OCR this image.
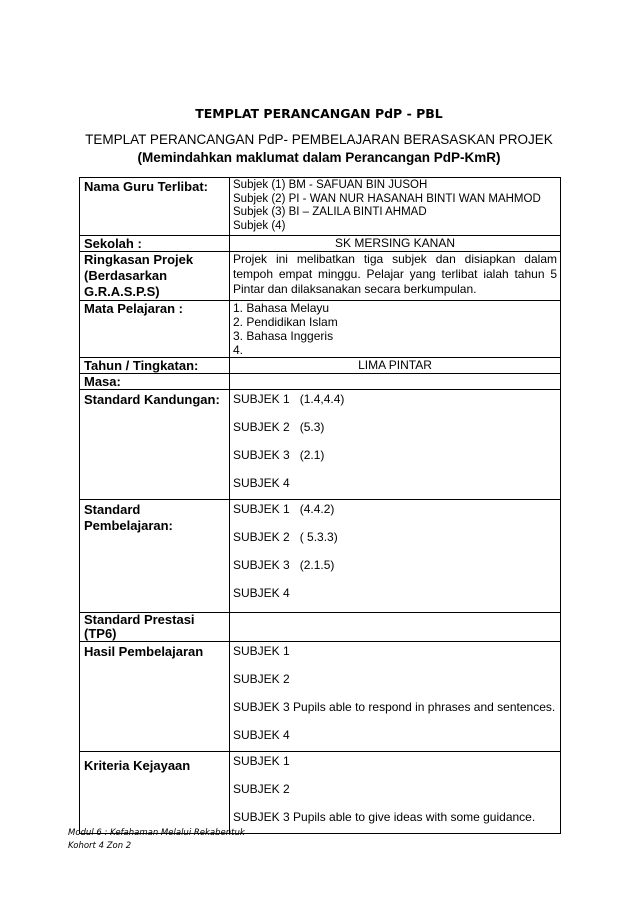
TEMPLAT PERANCANGAN PdP - PBL
TEMPLAT PERANCANGAN PdP- PEMBELAJARAN BERASASKAN PROJEK
(Memindahkan maklumat dalam Perancangan PdP-KmR)
Nama Guru Terlibat:	Subjek (1) BM - SAFUAN BIN JUSOH
Subjek (2) PI - WAN NUR HASANAH BINTI WAN MAHMOD
Subjek (3) BI – ZALILA BINTI AHMAD
Subjek (4)

Sekolah :	SK MERSING KANAN
Ringkasan Projek (Berdasarkan G.R.A.S.P.S)	Projek ini melibatkan tiga subjek dan disiapkan dalam tempoh empat minggu. Pelajar yang terlibat ialah tahun 5 Pintar dan dilaksanakan secara berkumpulan.
Mata Pelajaran :	1. Bahasa Melayu
2. Pendidikan Islam
3. Bahasa Inggeris
4.

Tahun / Tingkatan:	LIMA PINTAR
Masa:	
Standard Kandungan:	SUBJEK 1   (1.4,4.4)
SUBJEK 2   (5.3)
SUBJEK 3   (2.1)
SUBJEK 4

Standard Pembelajaran:	SUBJEK 1   (4.4.2)
SUBJEK 2   ( 5.3.3)
SUBJEK 3   (2.1.5)
SUBJEK 4

Standard Prestasi (TP6)	
Hasil Pembelajaran	SUBJEK 1
SUBJEK 2
SUBJEK 3 Pupils able to respond in phrases and sentences.
SUBJEK 4

Kriteria Kejayaan	SUBJEK 1
SUBJEK 2
SUBJEK 3 Pupils able to give ideas with some guidance.
Modul 6 : Kefahaman Melalui Rekabentuk
Kohort 4 Zon 2
